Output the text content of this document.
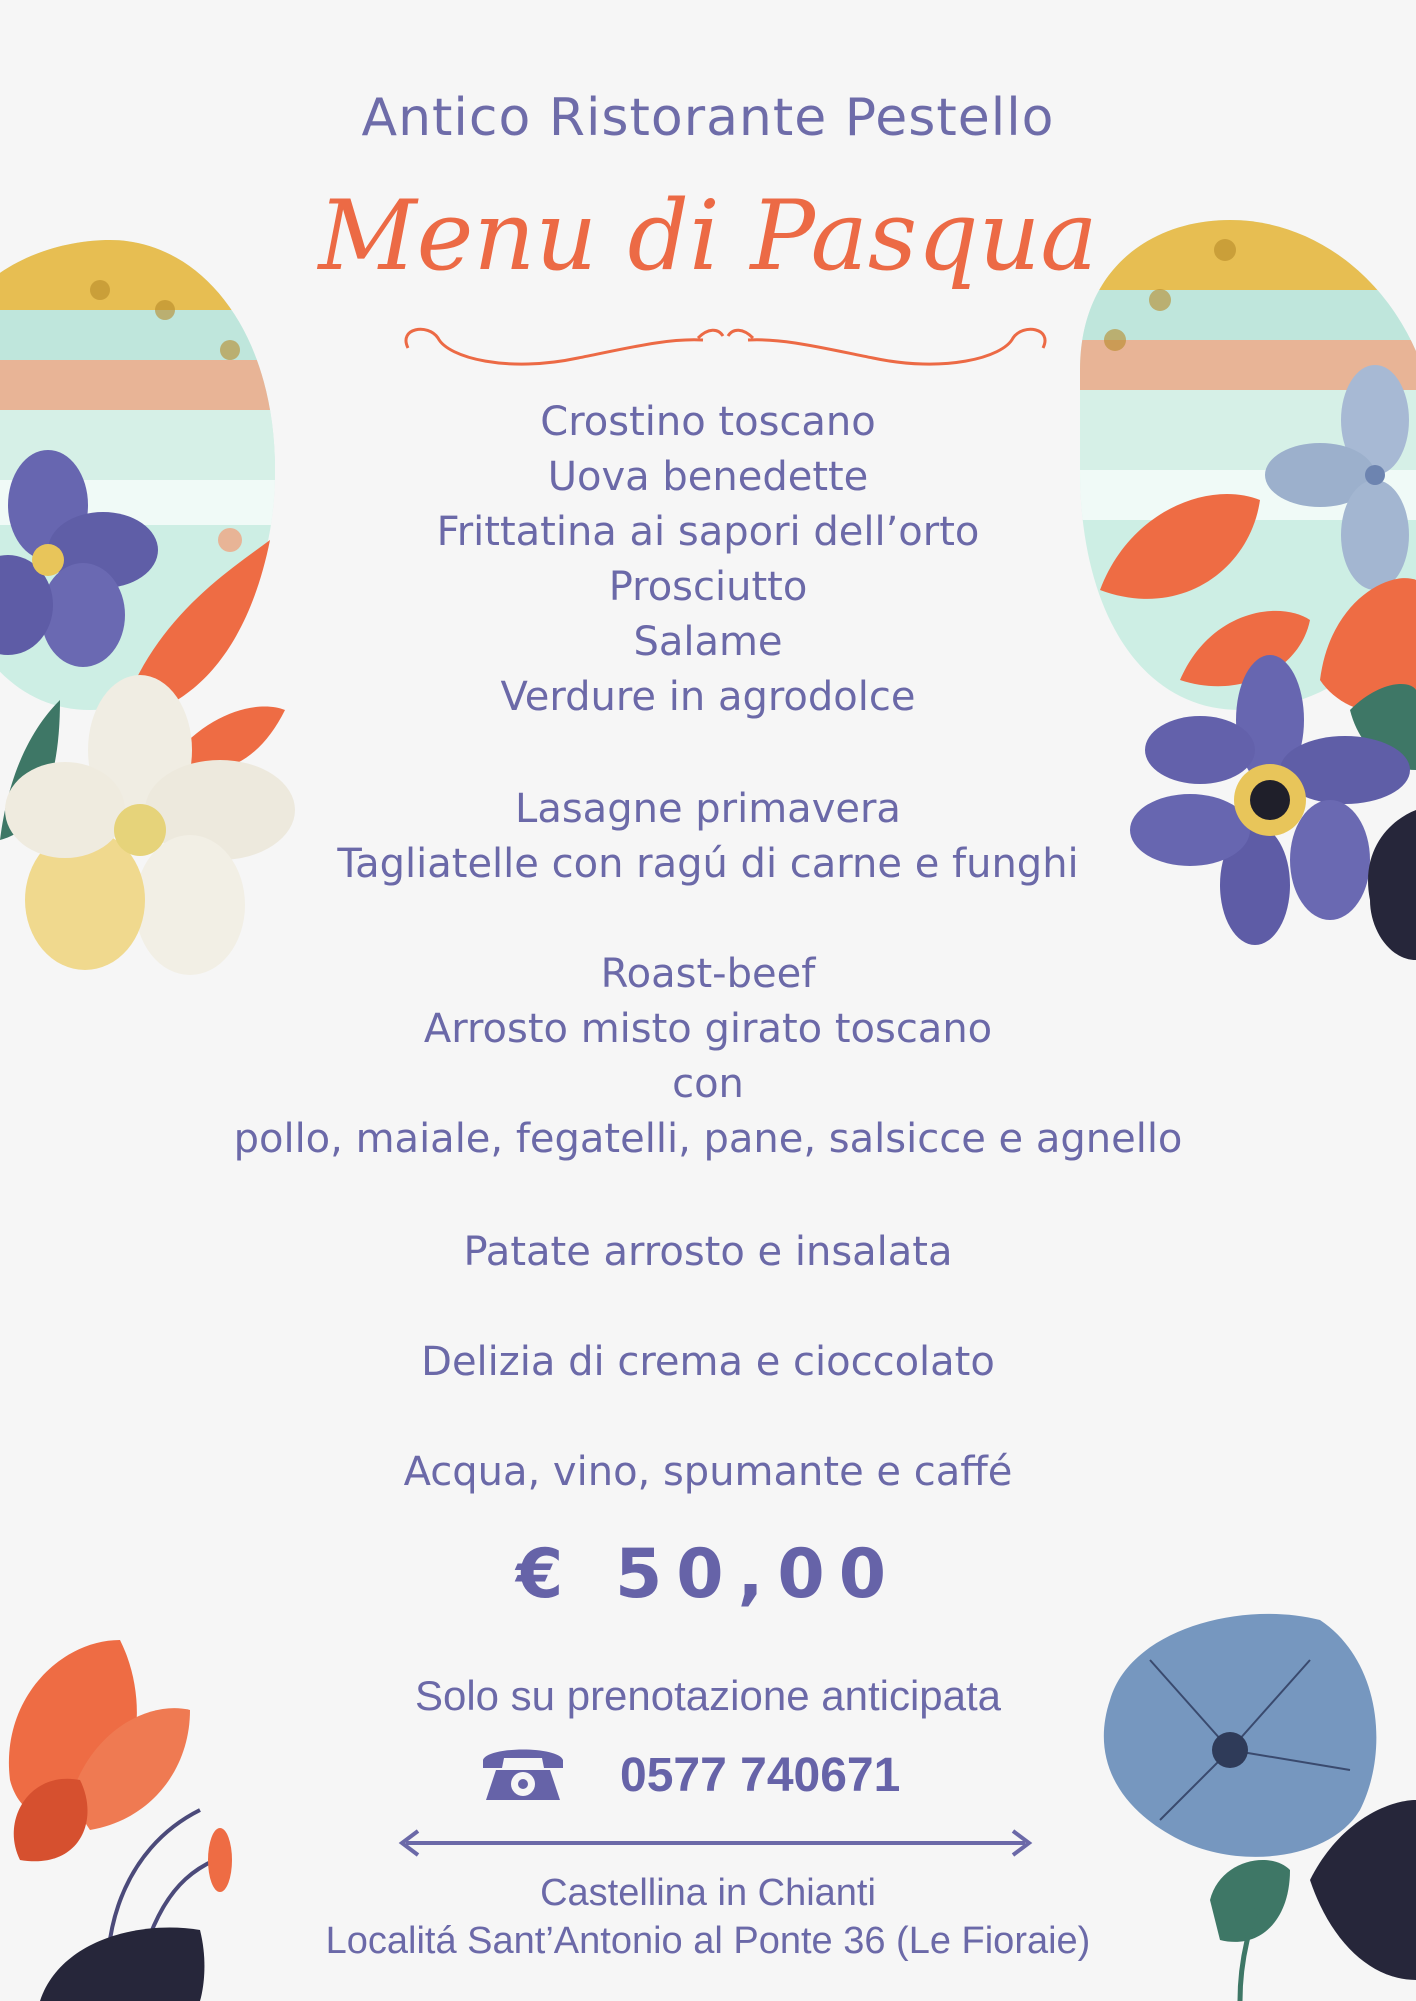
Antico Ristorante Pestello
Menu di Pasqua
Crostino toscano
Uova benedette
Frittatina ai sapori dell’orto
Prosciutto
Salame
Verdure in agrodolce
Lasagne primavera
Tagliatelle con ragú di carne e funghi
Roast-beef
Arrosto misto girato toscano
con
pollo, maiale, fegatelli, pane, salsicce e agnello
Patate arrosto e insalata
Delizia di crema e cioccolato
Acqua, vino, spumante e caffé
€ 50,00
Solo su prenotazione anticipata
0577 740671
Castellina in Chianti
Localitá Sant’Antonio al Ponte 36 (Le Fioraie)
